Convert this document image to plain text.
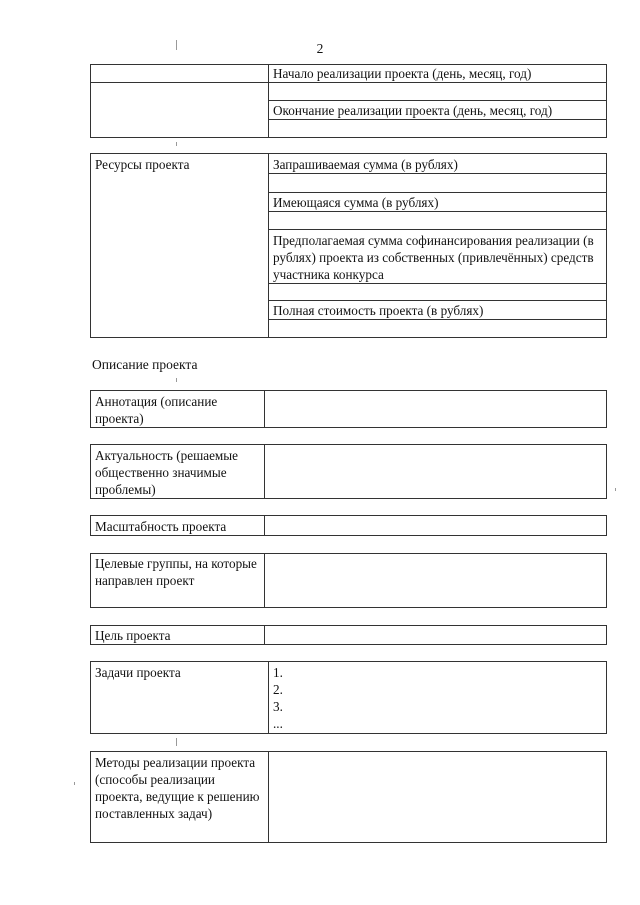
2
	Начало реализации проекта (день, месяц, год)

	Окончание реализации проекта (день, месяц, год)

Ресурсы проекта	Запрашиваемая сумма (в рублях)

Имеющаяся сумма (в рублях)

Предполагаемая сумма софинансирования реализации (в рублях) проекта из собственных (привлечённых) средств участника конкурса

Полная стоимость проекта (в рублях)

Описание проекта
Аннотация (описание проекта)	
Актуальность (решаемые общественно значимые проблемы)	
Масштабность проекта	
Целевые группы, на которые направлен проект	
Цель проекта	
Задачи проекта	1.
2.
3.
...
Методы реализации проекта (способы реализации проекта, ведущие к решению поставленных задач)	
